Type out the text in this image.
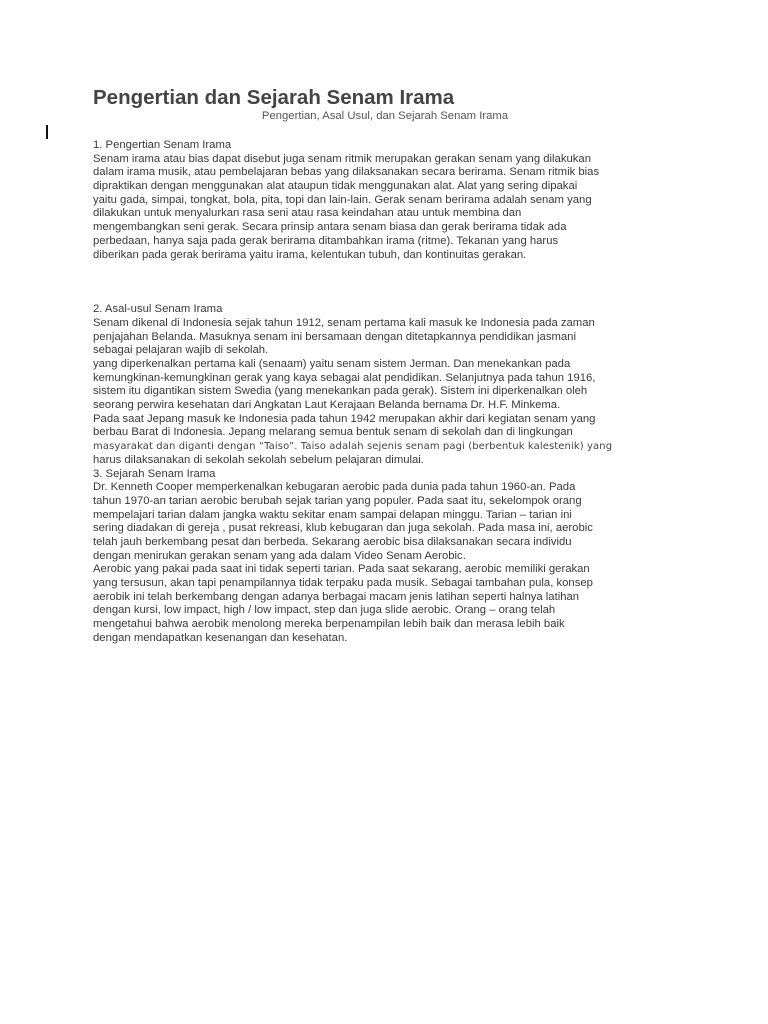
Pengertian dan Sejarah Senam Irama
Pengertian, Asal Usul, dan Sejarah Senam Irama
1. Pengertian Senam Irama
Senam irama atau bias dapat disebut juga senam ritmik merupakan gerakan senam yang dilakukan
dalam irama musik, atau pembelajaran bebas yang dilaksanakan secara berirama. Senam ritmik bias
dipraktikan dengan menggunakan alat ataupun tidak menggunakan alat. Alat yang sering dipakai
yaitu gada, simpai, tongkat, bola, pita, topi dan lain-lain. Gerak senam berirama adalah senam yang
dilakukan untuk menyalurkan rasa seni atau rasa keindahan atau untuk membina dan
mengembangkan seni gerak. Secara prinsip antara senam biasa dan gerak berirama tidak ada
perbedaan, hanya saja pada gerak berirama ditambahkan irama (ritme). Tekanan yang harus
diberikan pada gerak berirama yaitu irama, kelentukan tubuh, dan kontinuitas gerakan.
2. Asal-usul Senam Irama
Senam dikenal di Indonesia sejak tahun 1912, senam pertama kali masuk ke Indonesia pada zaman
penjajahan Belanda. Masuknya senam ini bersamaan dengan ditetapkannya pendidikan jasmani
sebagai pelajaran wajib di sekolah.
yang diperkenalkan pertama kali (senaam) yaitu senam sistem Jerman. Dan menekankan pada
kemungkinan-kemungkinan gerak yang kaya sebagai alat pendidikan. Selanjutnya pada tahun 1916,
sistem itu digantikan sistem Swedia (yang menekankan pada gerak). Sistem ini diperkenalkan oleh
seorang perwira kesehatan dari Angkatan Laut Kerajaan Belanda bernama Dr. H.F. Minkema.
Pada saat Jepang masuk ke Indonesia pada tahun 1942 merupakan akhir dari kegiatan senam yang
berbau Barat di Indonesia. Jepang melarang semua bentuk senam di sekolah dan di lingkungan
masyarakat dan diganti dengan “Taiso”. Taiso adalah sejenis senam pagi (berbentuk kalestenik) yang
harus dilaksanakan di sekolah sekolah sebelum pelajaran dimulai.
3. Sejarah Senam Irama
Dr. Kenneth Cooper memperkenalkan kebugaran aerobic pada dunia pada tahun 1960-an. Pada
tahun 1970-an tarian aerobic berubah sejak tarian yang populer. Pada saat itu, sekelompok orang
mempelajari tarian dalam jangka waktu sekitar enam sampai delapan minggu. Tarian – tarian ini
sering diadakan di gereja , pusat rekreasi, klub kebugaran dan juga sekolah. Pada masa ini, aerobic
telah jauh berkembang pesat dan berbeda. Sekarang aerobic bisa dilaksanakan secara individu
dengan menirukan gerakan senam yang ada dalam Video Senam Aerobic.
Aerobic yang pakai pada saat ini tidak seperti tarian. Pada saat sekarang, aerobic memiliki gerakan
yang tersusun, akan tapi penampilannya tidak terpaku pada musik. Sebagai tambahan pula, konsep
aerobik ini telah berkembang dengan adanya berbagai macam jenis latihan seperti halnya latihan
dengan kursi, low impact, high / low impact, step dan juga slide aerobic. Orang – orang telah
mengetahui bahwa aerobik menolong mereka berpenampilan lebih baik dan merasa lebih baik
dengan mendapatkan kesenangan dan kesehatan.
